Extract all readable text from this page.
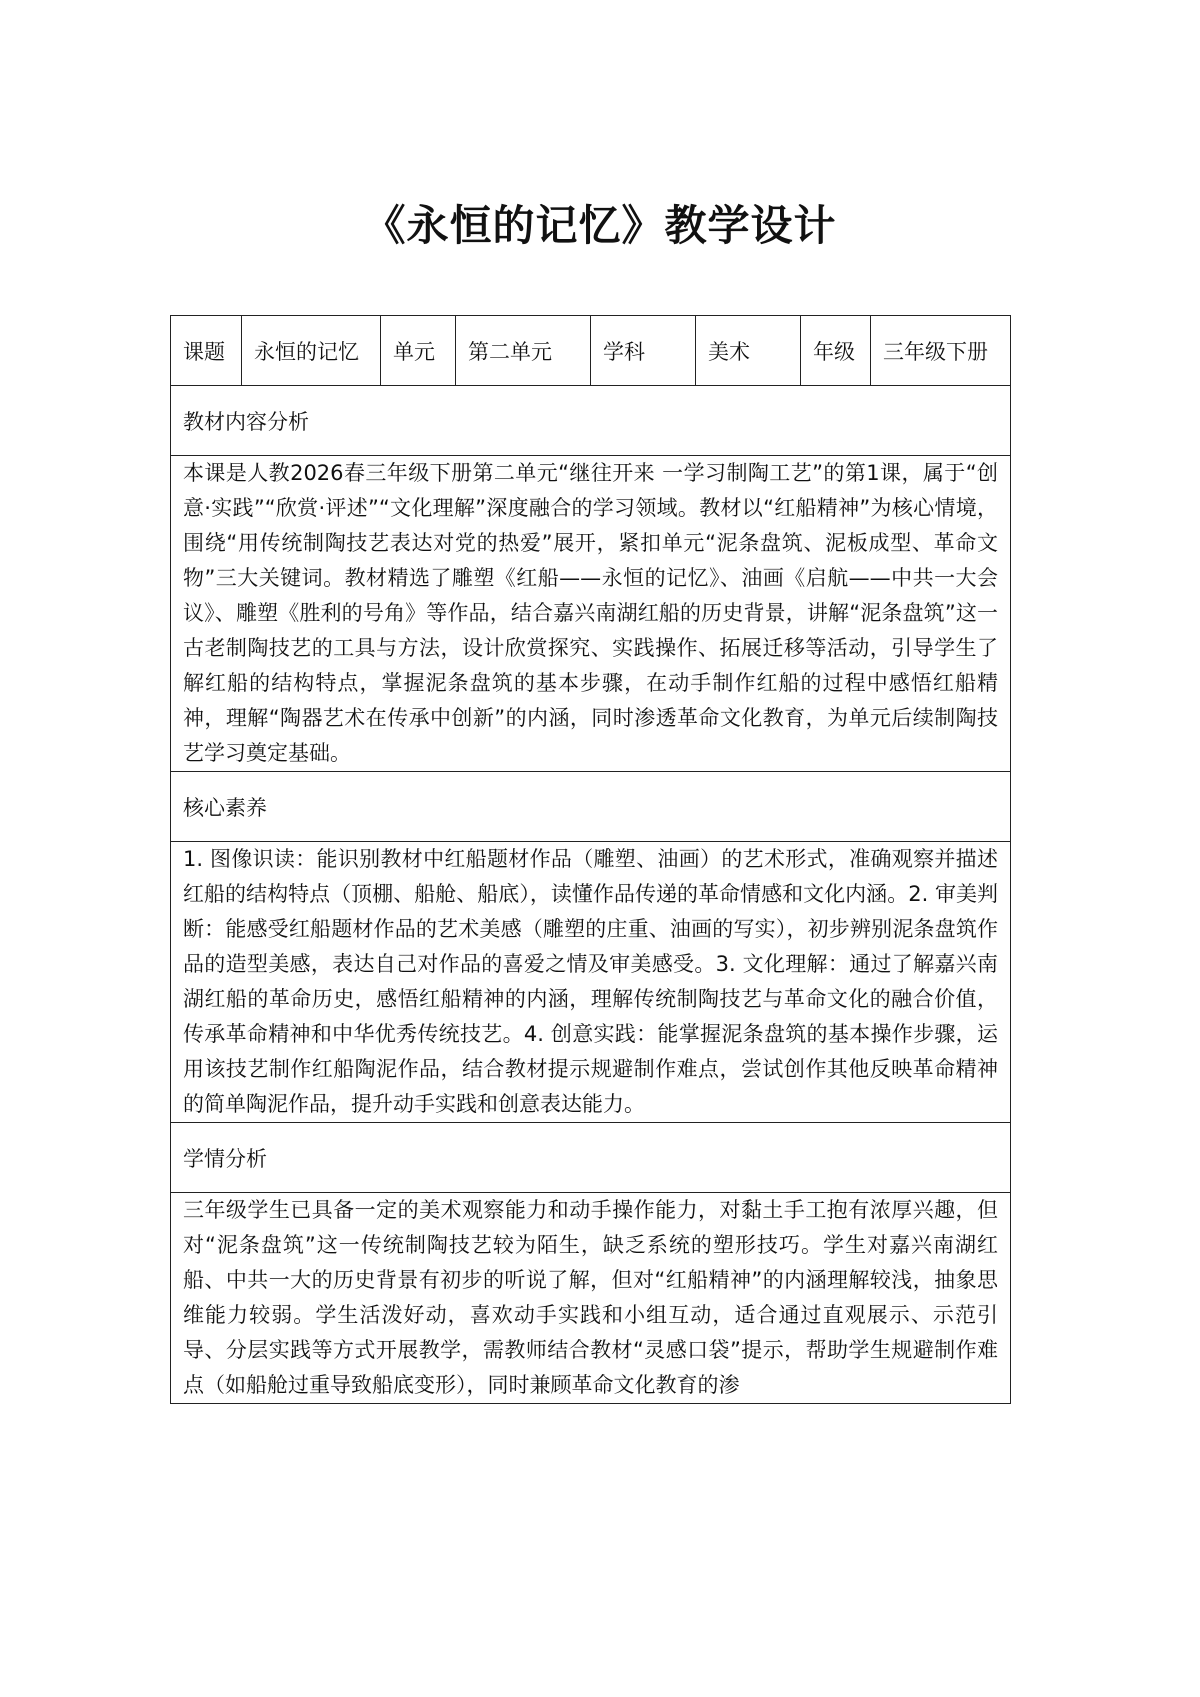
《永恒的记忆》教学设计
课题	永恒的记忆	单元	第二单元	学科	美术	年级	三年级下册
教材内容分析
本课是人教2026春三年级下册第二单元“继往开来 一学习制陶工艺”的第1课，属于“创意·实践”“欣赏·评述”“文化理解”深度融合的学习领域。教材以“红船精神”为核心情境，围绕“用传统制陶技艺表达对党的热爱”展开，紧扣单元“泥条盘筑、泥板成型、革命文物”三大关键词。教材精选了雕塑《红船——永恒的记忆》、油画《启航——中共一大会议》、雕塑《胜利的号角》等作品，结合嘉兴南湖红船的历史背景，讲解“泥条盘筑”这一古老制陶技艺的工具与方法，设计欣赏探究、实践操作、拓展迁移等活动，引导学生了解红船的结构特点，掌握泥条盘筑的基本步骤，在动手制作红船的过程中感悟红船精神，理解“陶器艺术在传承中创新”的内涵，同时渗透革命文化教育，为单元后续制陶技艺学习奠定基础。
核心素养
1. 图像识读：能识别教材中红船题材作品（雕塑、油画）的艺术形式，准确观察并描述红船的结构特点（顶棚、船舱、船底），读懂作品传递的革命情感和文化内涵。2. 审美判断：能感受红船题材作品的艺术美感（雕塑的庄重、油画的写实），初步辨别泥条盘筑作品的造型美感，表达自己对作品的喜爱之情及审美感受。3. 文化理解：通过了解嘉兴南湖红船的革命历史，感悟红船精神的内涵，理解传统制陶技艺与革命文化的融合价值，传承革命精神和中华优秀传统技艺。4. 创意实践：能掌握泥条盘筑的基本操作步骤，运用该技艺制作红船陶泥作品，结合教材提示规避制作难点，尝试创作其他反映革命精神的简单陶泥作品，提升动手实践和创意表达能力。
学情分析
三年级学生已具备一定的美术观察能力和动手操作能力，对黏土手工抱有浓厚兴趣，但对“泥条盘筑”这一传统制陶技艺较为陌生，缺乏系统的塑形技巧。学生对嘉兴南湖红船、中共一大的历史背景有初步的听说了解，但对“红船精神”的内涵理解较浅，抽象思维能力较弱。学生活泼好动，喜欢动手实践和小组互动，适合通过直观展示、示范引导、分层实践等方式开展教学，需教师结合教材“灵感口袋”提示，帮助学生规避制作难点（如船舱过重导致船底变形），同时兼顾革命文化教育的渗
